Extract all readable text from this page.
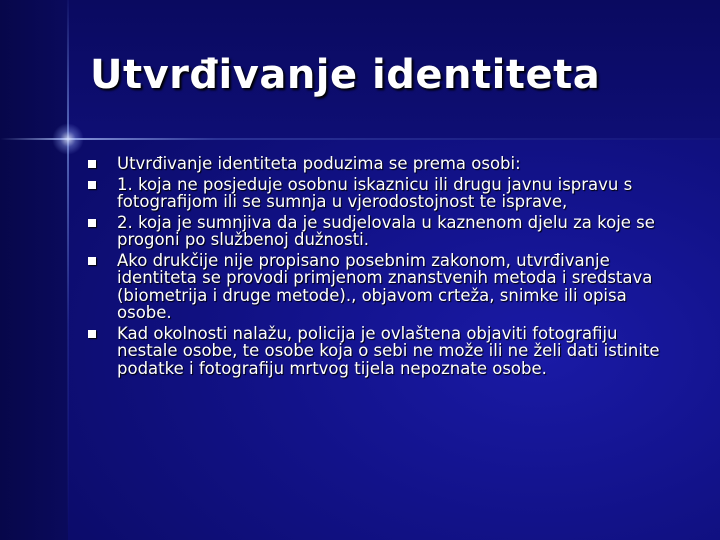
Utvrđivanje identiteta
Utvrđivanje identiteta poduzima se prema osobi:
1. koja ne posjeduje osobnu iskaznicu ili drugu javnu ispravu s fotografijom ili se sumnja u vjerodostojnost te isprave,
2. koja je sumnjiva da je sudjelovala u kaznenom djelu za koje se progoni po službenoj dužnosti.
Ako drukčije nije propisano posebnim zakonom, utvrđivanje identiteta se provodi primjenom znanstvenih metoda i sredstava (biometrija i druge metode)., objavom crteža, snimke ili opisa osobe.
Kad okolnosti nalažu, policija je ovlaštena objaviti fotografiju nestale osobe, te osobe koja o sebi ne može ili ne želi dati istinite podatke i fotografiju mrtvog tijela nepoznate osobe.
